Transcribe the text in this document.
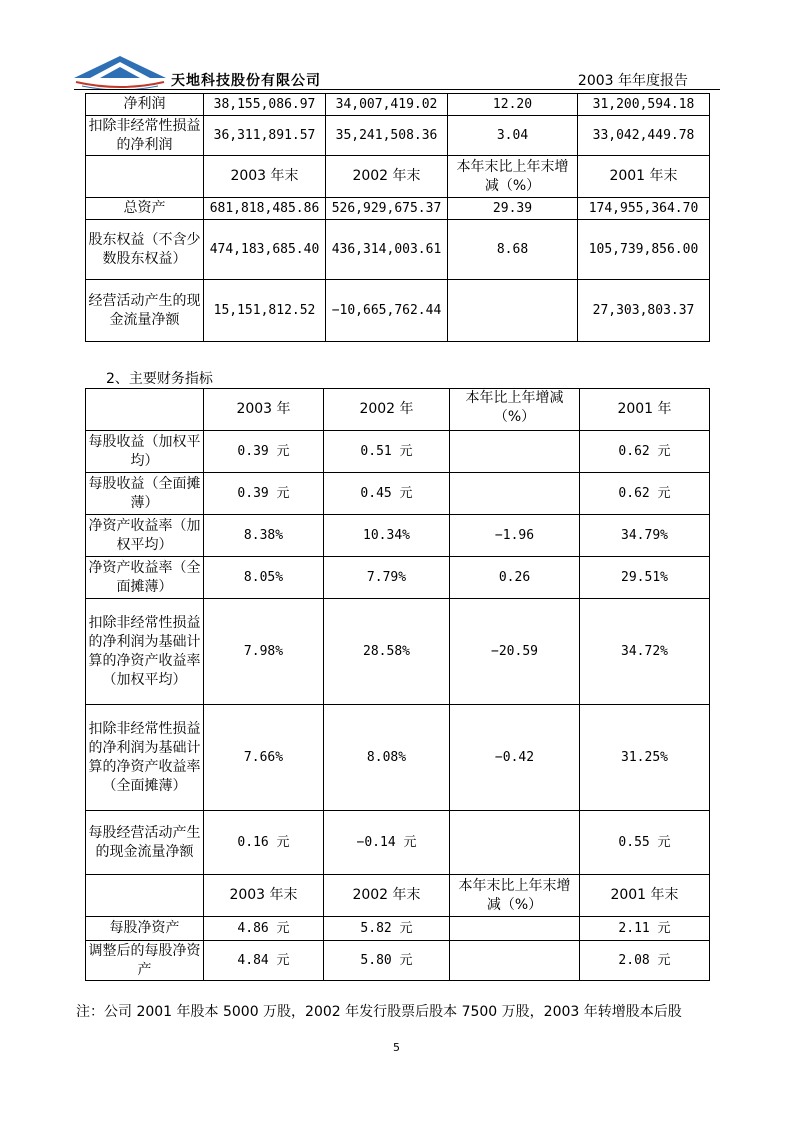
天地科技股份有限公司	2003 年年度报告
净利润	38,155,086.97	34,007,419.02	12.20	31,200,594.18
扣除非经常性损益的净利润	36,311,891.57	35,241,508.36	3.04	33,042,449.78
	2003 年末	2002 年末	本年末比上年末增减（%）	2001 年末
总资产	681,818,485.86	526,929,675.37	29.39	174,955,364.70
股东权益（不含少数股东权益）	474,183,685.40	436,314,003.61	8.68	105,739,856.00
经营活动产生的现金流量净额	15,151,812.52	−10,665,762.44		27,303,803.37
2、主要财务指标
	2003 年	2002 年	本年比上年增减（%）	2001 年
每股收益（加权平均）	0.39 元	0.51 元		0.62 元
每股收益（全面摊薄）	0.39 元	0.45 元		0.62 元
净资产收益率（加权平均）	8.38%	10.34%	−1.96	34.79%
净资产收益率（全面摊薄）	8.05%	7.79%	0.26	29.51%
扣除非经常性损益的净利润为基础计算的净资产收益率（加权平均）	7.98%	28.58%	−20.59	34.72%
扣除非经常性损益的净利润为基础计算的净资产收益率（全面摊薄）	7.66%	8.08%	−0.42	31.25%
每股经营活动产生的现金流量净额	0.16 元	−0.14 元		0.55 元
	2003 年末	2002 年末	本年末比上年末增减（%）	2001 年末
每股净资产	4.86 元	5.82 元		2.11 元
调整后的每股净资产	4.84 元	5.80 元		2.08 元
注：公司 2001 年股本 5000 万股，2002 年发行股票后股本 7500 万股，2003 年转增股本后股
5
